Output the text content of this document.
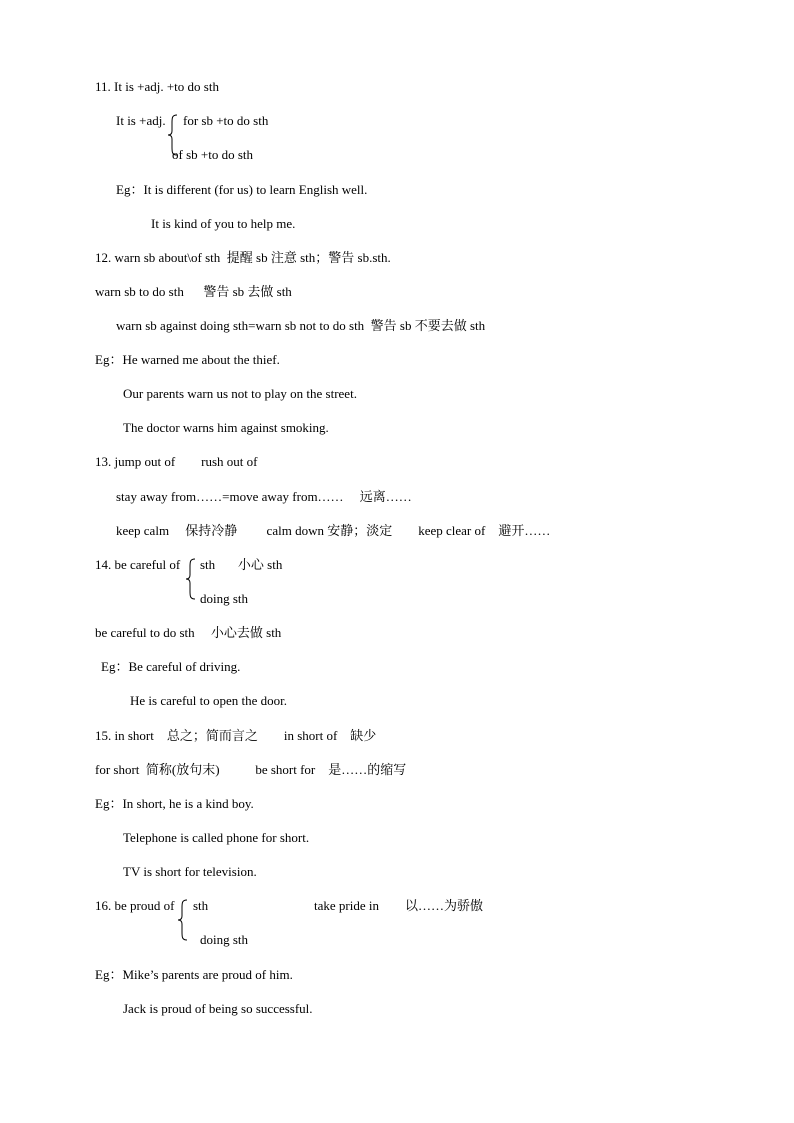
11. It is +adj. +to do sth
It is +adj. for sb +to do sth
of sb +to do sth
Eg：It is different (for us) to learn English well.
It is kind of you to help me.
12. warn sb about\of sth  提醒 sb 注意 sth；警告 sb.sth.
warn sb to do sth      警告 sb 去做 sth
warn sb against doing sth=warn sb not to do sth  警告 sb 不要去做 sth
Eg：He warned me about the thief.
Our parents warn us not to play on the street.
The doctor warns him against smoking.
13. jump out of        rush out of
stay away from……=move away from……     远离……
keep calm     保持冷静         calm down 安静；淡定        keep clear of    避开……
14. be careful of sth       小心 sth
doing sth
be careful to do sth     小心去做 sth
Eg：Be careful of driving.
He is careful to open the door.
15. in short    总之；简而言之        in short of    缺少
for short  简称(放句末)           be short for    是……的缩写
Eg：In short, he is a kind boy.
Telephone is called phone for short.
TV is short for television.
16. be proud of sth	take pride in        以……为骄傲
doing sth
Eg：Mike’s parents are proud of him.
Jack is proud of being so successful.
